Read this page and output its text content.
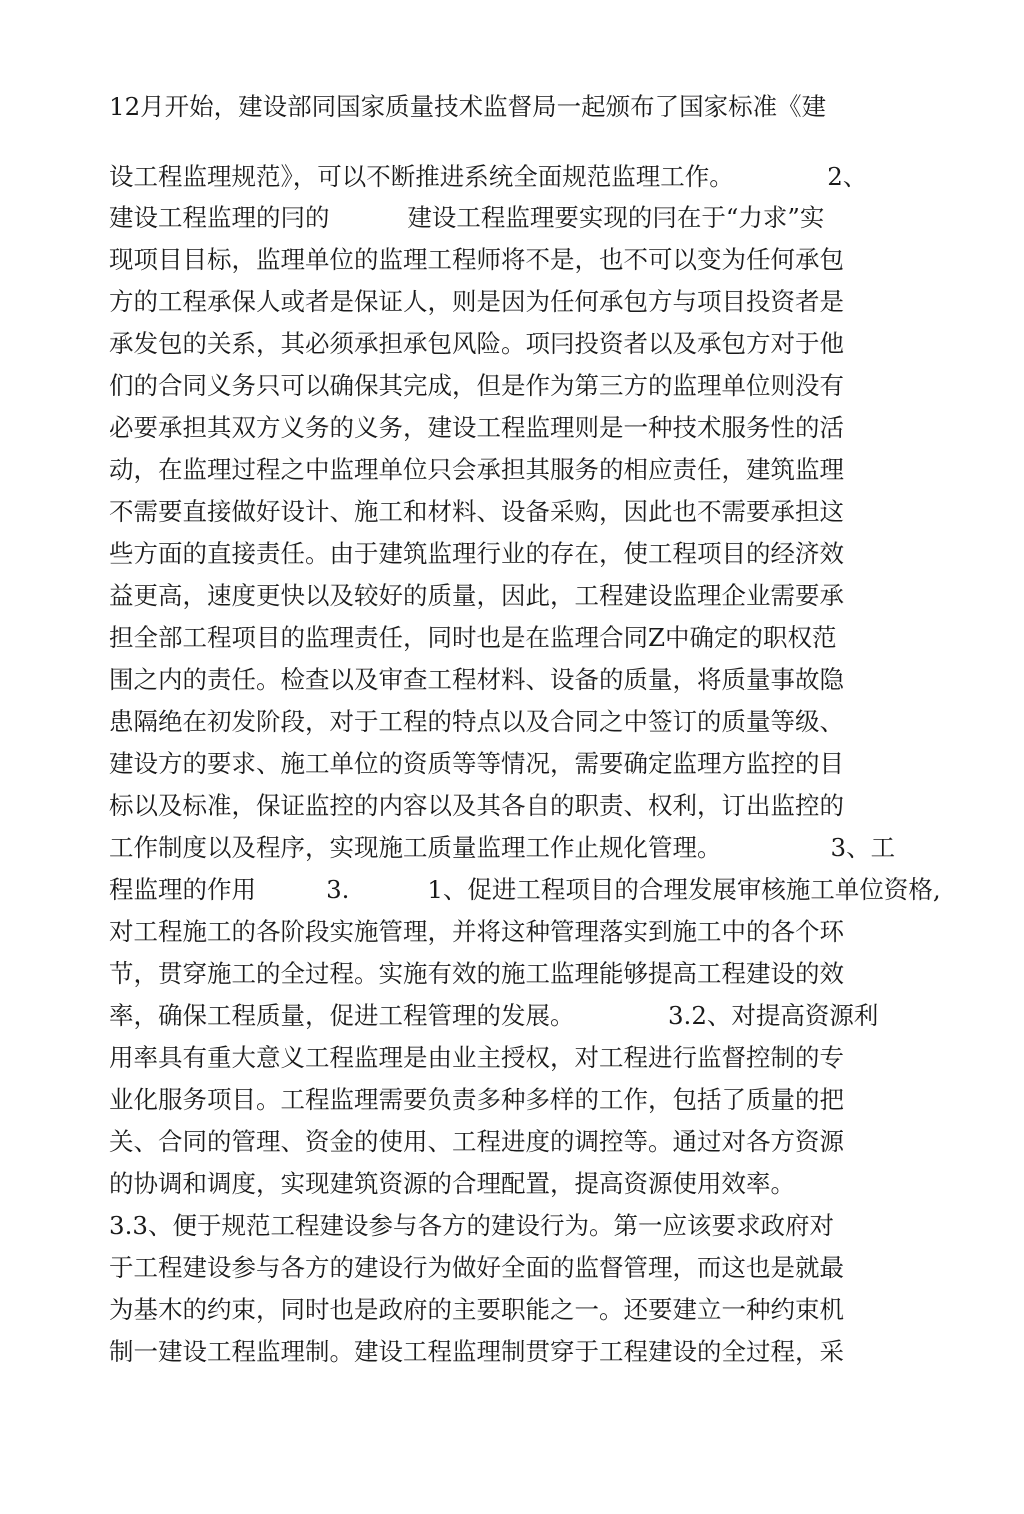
12月开始，建设部同国家质量技术监督局一起颁布了国家标准《建

设工程监理规范》，可以不断推进系统全面规范监理工作。            2、

建设工程监理的冃的          建设工程监理要实现的冃在于“力求”实

现项目目标，监理单位的监理工程师将不是，也不可以变为任何承包

方的工程承保人或者是保证人，则是因为任何承包方与项目投资者是

承发包的关系，其必须承担承包风险。项冃投资者以及承包方对于他

们的合同义务只可以确保其完成，但是作为第三方的监理单位则没有

必要承担其双方义务的义务，建设工程监理则是一种技术服务性的活

动，在监理过程之中监理单位只会承担其服务的相应责任，建筑监理

不需要直接做好设计、施工和材料、设备采购，因此也不需要承担这

些方面的直接责任。由于建筑监理行业的存在，使工程项目的经济效

益更高，速度更快以及较好的质量，因此，工程建设监理企业需要承

担全部工程项目的监理责任，同时也是在监理合同Z中确定的职权范

围之内的责任。检查以及审查工程材料、设备的质量，将质量事故隐

患隔绝在初发阶段，对于工程的特点以及合同之中签订的质量等级、

建设方的要求、施工单位的资质等等情况，需要确定监理方监控的目

标以及标准，保证监控的内容以及其各自的职责、权利，订出监控的

工作制度以及程序，实现施工质量监理工作止规化管理。              3、工

程监理的作用         3.          1、促进工程项目的合理发展审核施工单位资格,

对工程施工的各阶段实施管理，并将这种管理落实到施工中的各个环

节，贯穿施工的全过程。实施有效的施工监理能够提高工程建设的效

率，确保工程质量，促进工程管理的发展。            3.2、对提高资源利

用率具有重大意义工程监理是由业主授权，对工程进行监督控制的专

业化服务项目。工程监理需要负责多种多样的工作，包括了质量的把

关、合同的管理、资金的使用、工程进度的调控等。通过对各方资源

的协调和调度，实现建筑资源的合理配置，提高资源使用效率。

3.3、便于规范工程建设参与各方的建设行为。第一应该要求政府对

于工程建设参与各方的建设行为做好全面的监督管理，而这也是就最

为基木的约束，同时也是政府的主要职能之一。还要建立一种约束机

制一建设工程监理制。建设工程监理制贯穿于工程建设的全过程，采
